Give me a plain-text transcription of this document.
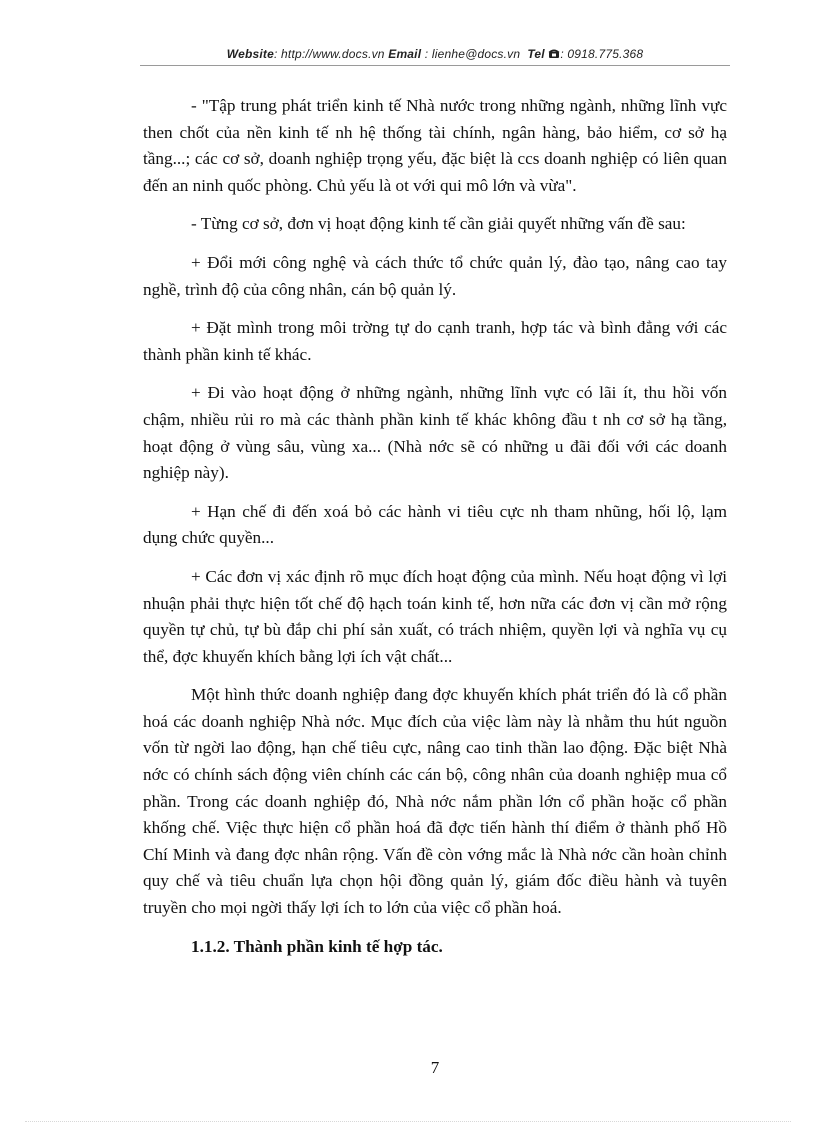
Website: http://www.docs.vn Email : lienhe@docs.vn Tel : 0918.775.368

- "Tập trung phát triển kinh tế Nhà nước trong những ngành, những lĩnh vực then chốt của nền kinh tế nh hệ thống tài chính, ngân hàng, bảo hiểm, cơ sở hạ tầng...; các cơ sở, doanh nghiệp trọng yếu, đặc biệt là ccs doanh nghiệp có liên quan đến an ninh quốc phòng. Chủ yếu là ot với qui mô lớn và vừa".

- Từng cơ sở, đơn vị hoạt động kinh tế cần giải quyết những vấn đề sau:

+ Đổi mới công nghệ và cách thức tổ chức quản lý, đào tạo, nâng cao tay nghề, trình độ của công nhân, cán bộ quản lý.

+ Đặt mình trong môi trờng tự do cạnh tranh, hợp tác và bình đẳng với các thành phần kinh tế khác.

+ Đi vào hoạt động ở những ngành, những lĩnh vực có lãi ít, thu hồi vốn chậm, nhiều rủi ro mà các thành phần kinh tế khác không đầu t nh cơ sở hạ tầng, hoạt động ở vùng sâu, vùng xa... (Nhà nớc sẽ có những u đãi đối với các doanh nghiệp này).

+ Hạn chế đi đến xoá bỏ các hành vi tiêu cực nh tham nhũng, hối lộ, lạm dụng chức quyền...

+ Các đơn vị xác định rõ mục đích hoạt động của mình. Nếu hoạt động vì lợi nhuận phải thực hiện tốt chế độ hạch toán kinh tế, hơn nữa các đơn vị cần mở rộng quyền tự chủ, tự bù đắp chi phí sản xuất, có trách nhiệm, quyền lợi và nghĩa vụ cụ thể, đợc khuyến khích bằng lợi ích vật chất...

Một hình thức doanh nghiệp đang đợc khuyến khích phát triển đó là cổ phần hoá các doanh nghiệp Nhà nớc. Mục đích của việc làm này là nhằm thu hút nguồn vốn từ ngời lao động, hạn chế tiêu cực, nâng cao tinh thần lao động. Đặc biệt Nhà nớc có chính sách động viên chính các cán bộ, công nhân của doanh nghiệp mua cổ phần. Trong các doanh nghiệp đó, Nhà nớc nắm phần lớn cổ phần hoặc cổ phần khống chế. Việc thực hiện cổ phần hoá đã đợc tiến hành thí điểm ở thành phố Hồ Chí Minh và đang đợc nhân rộng. Vấn đề còn vớng mắc là Nhà nớc cần hoàn chỉnh quy chế và tiêu chuẩn lựa chọn hội đồng quản lý, giám đốc điều hành và tuyên truyền cho mọi ngời thấy lợi ích to lớn của việc cổ phần hoá.

1.1.2. Thành phần kinh tế hợp tác.

7
